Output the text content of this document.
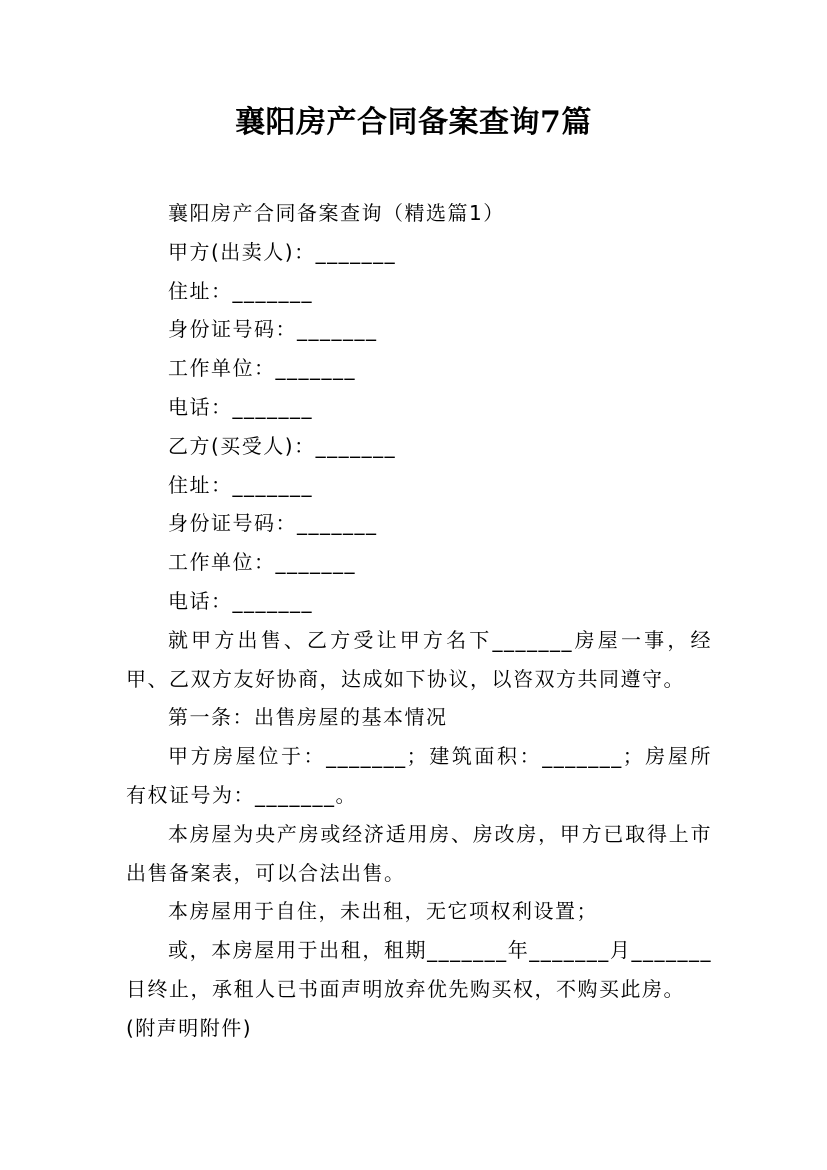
襄阳房产合同备案查询7篇

襄阳房产合同备案查询（精选篇1）

甲方(出卖人)：_______

住址：_______

身份证号码：_______

工作单位：_______

电话：_______

乙方(买受人)：_______

住址：_______

身份证号码：_______

工作单位：_______

电话：_______

就甲方出售、乙方受让甲方名下_______房屋一事，经甲、乙双方友好协商，达成如下协议，以咨双方共同遵守。

第一条：出售房屋的基本情况

甲方房屋位于：_______；建筑面积：_______；房屋所有权证号为：_______。

本房屋为央产房或经济适用房、房改房，甲方已取得上市出售备案表，可以合法出售。

本房屋用于自住，未出租，无它项权利设置；

或，本房屋用于出租，租期_______年_______月_______日终止，承租人已书面声明放弃优先购买权，不购买此房。

(附声明附件)
